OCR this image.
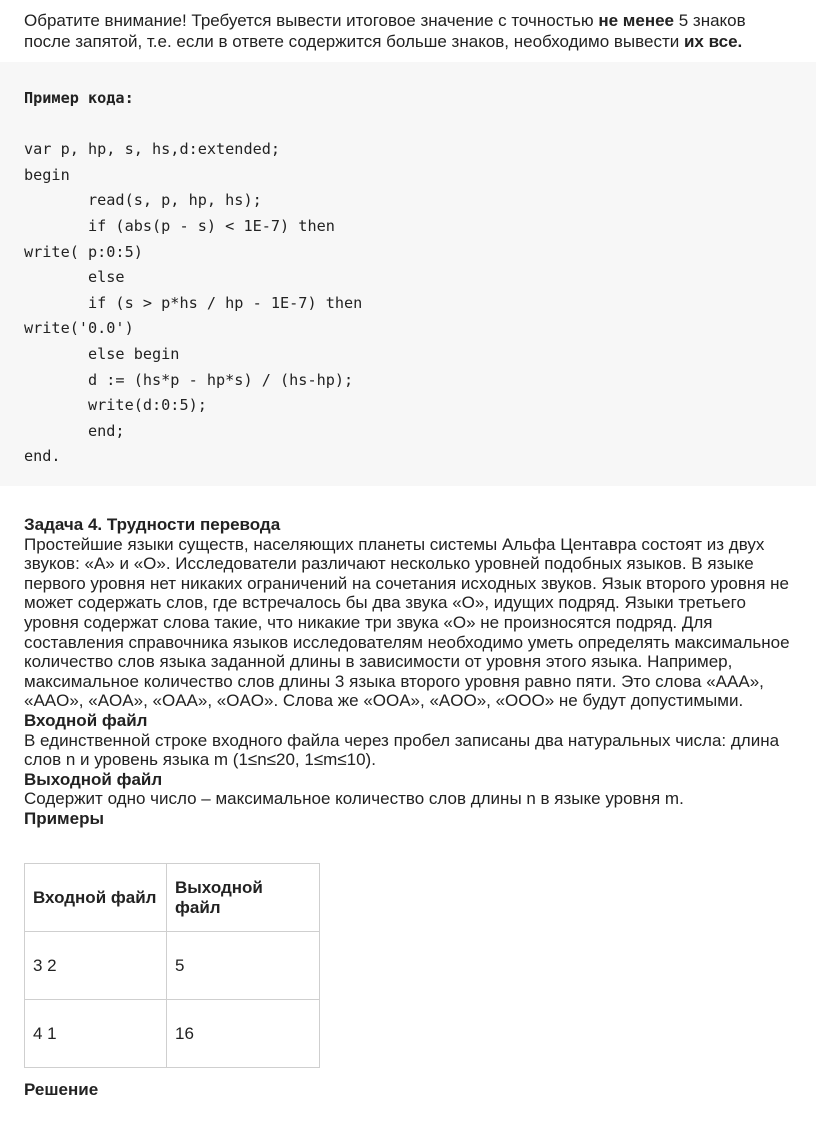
Обратите внимание! Требуется вывести итоговое значение с точностью не менее 5 знаков после запятой, т.е. если в ответе содержится больше знаков, необходимо вывести их все.
Пример кода:
var p, hp, s, hs,d:extended;
begin
read(s, p, hp, hs);
if (abs(p - s) < 1E-7) then
write( p:0:5)
else
if (s > p*hs / hp - 1E-7) then
write('0.0')
else begin
d := (hs*p - hp*s) / (hs-hp);
write(d:0:5);
end;
end.

Задача 4. Трудности перевода

Простейшие языки существ, населяющих планеты системы Альфа Центавра состоят из двух звуков: «A» и «O». Исследователи различают несколько уровней подобных языков. В языке первого уровня нет никаких ограничений на сочетания исходных звуков. Язык второго уровня не может содержать слов, где встречалось бы два звука «O», идущих подряд. Языки третьего уровня содержат слова такие, что никакие три звука «O» не произносятся подряд. Для составления справочника языков исследователям необходимо уметь определять максимальное количество слов языка заданной длины в зависимости от уровня этого языка. Например, максимальное количество слов длины 3 языка второго уровня равно пяти. Это слова «AAA», «AAO», «AOA», «OAA», «OAO». Слова же «OOA», «AOO», «OOO» не будут допустимыми.

Входной файл

В единственной строке входного файла через пробел записаны два натуральных числа: длина слов n и уровень языка m (1≤n≤20, 1≤m≤10).

Выходной файл

Содержит одно число – максимальное количество слов длины n в языке уровня m.

Примеры

Входной файл	Выходной файл
3 2	5
4 1	16
Решение
